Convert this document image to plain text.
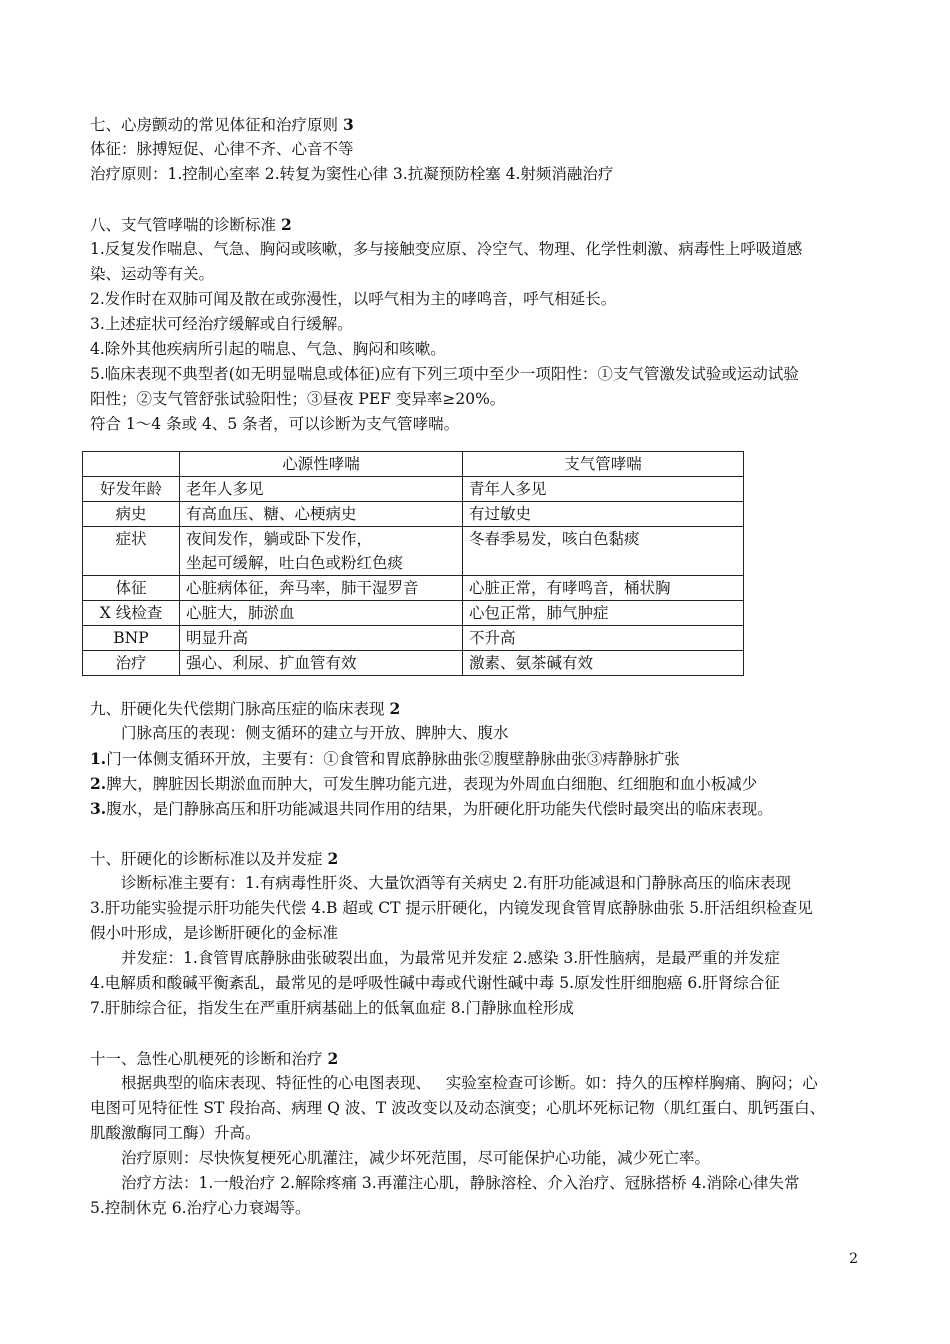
七、心房颤动的常见体征和治疗原则 3
体征：脉搏短促、心律不齐、心音不等
治疗原则：1.控制心室率 2.转复为窦性心律 3.抗凝预防栓塞 4.射频消融治疗
八、支气管哮喘的诊断标准 2
1.反复发作喘息、气急、胸闷或咳嗽，多与接触变应原、冷空气、物理、化学性刺激、病毒性上呼吸道感
染、运动等有关。
2.发作时在双肺可闻及散在或弥漫性，以呼气相为主的哮鸣音，呼气相延长。
3.上述症状可经治疗缓解或自行缓解。
4.除外其他疾病所引起的喘息、气急、胸闷和咳嗽。
5.临床表现不典型者(如无明显喘息或体征)应有下列三项中至少一项阳性：①支气管激发试验或运动试验
阳性；②支气管舒张试验阳性；③昼夜 PEF 变异率≥20%。
符合 1～4 条或 4、5 条者，可以诊断为支气管哮喘。
	心源性哮喘	支气管哮喘
好发年龄	老年人多见	青年人多见
病史	有高血压、糖、心梗病史	有过敏史
症状	夜间发作，躺或卧下发作，
坐起可缓解，吐白色或粉红色痰	冬春季易发，咳白色黏痰
体征	心脏病体征，奔马率，肺干湿罗音	心脏正常，有哮鸣音，桶状胸
X 线检查	心脏大，肺淤血	心包正常，肺气肿症
BNP	明显升高	不升高
治疗	强心、利尿、扩血管有效	激素、氨茶碱有效
九、肝硬化失代偿期门脉高压症的临床表现 2
门脉高压的表现：侧支循环的建立与开放、脾肿大、腹水
1.门一体侧支循环开放，主要有：①食管和胃底静脉曲张②腹壁静脉曲张③痔静脉扩张
2.脾大，脾脏因长期淤血而肿大，可发生脾功能亢进，表现为外周血白细胞、红细胞和血小板减少
3.腹水，是门静脉高压和肝功能减退共同作用的结果，为肝硬化肝功能失代偿时最突出的临床表现。
十、肝硬化的诊断标准以及并发症 2
诊断标准主要有：1.有病毒性肝炎、大量饮酒等有关病史 2.有肝功能减退和门静脉高压的临床表现
3.肝功能实验提示肝功能失代偿 4.B 超或 CT 提示肝硬化，内镜发现食管胃底静脉曲张 5.肝活组织检查见
假小叶形成，是诊断肝硬化的金标准
并发症：1.食管胃底静脉曲张破裂出血，为最常见并发症 2.感染 3.肝性脑病，是最严重的并发症
4.电解质和酸碱平衡紊乱，最常见的是呼吸性碱中毒或代谢性碱中毒 5.原发性肝细胞癌 6.肝肾综合征
7.肝肺综合征，指发生在严重肝病基础上的低氧血症 8.门静脉血栓形成
十一、急性心肌梗死的诊断和治疗 2
根据典型的临床表现、特征性的心电图表现、   实验室检查可诊断。如：持久的压榨样胸痛、胸闷；心
电图可见特征性 ST 段抬高、病理 Q 波、T 波改变以及动态演变；心肌坏死标记物（肌红蛋白、肌钙蛋白、
肌酸激酶同工酶）升高。
治疗原则：尽快恢复梗死心肌灌注，减少坏死范围，尽可能保护心功能，减少死亡率。
治疗方法：1.一般治疗 2.解除疼痛 3.再灌注心肌，静脉溶栓、介入治疗、冠脉搭桥 4.消除心律失常
5.控制休克 6.治疗心力衰竭等。
2
